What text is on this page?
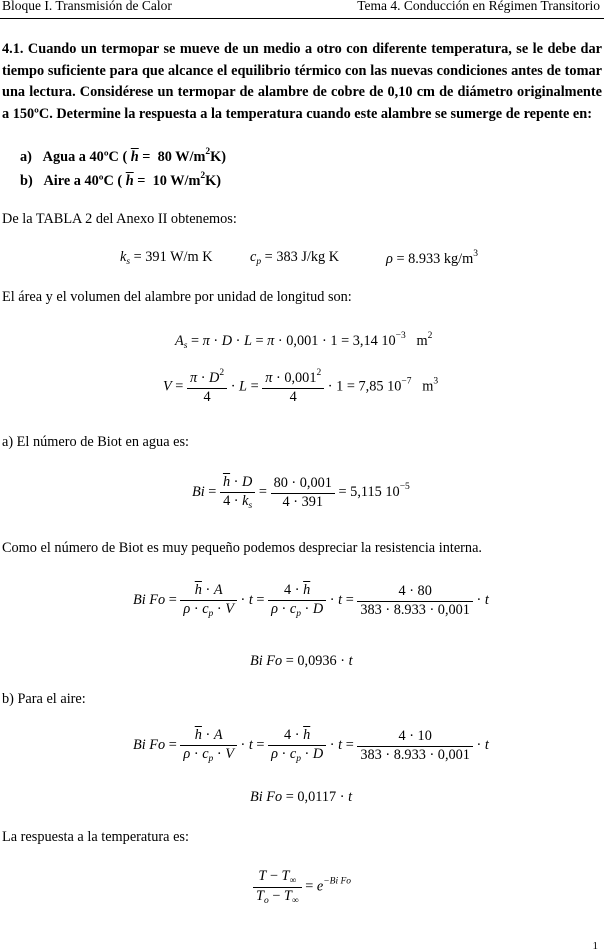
Bloque I. Transmisión de Calor	Tema 4. Conducción en Régimen Transitorio
4.1. Cuando un termopar se mueve de un medio a otro con diferente temperatura, se le debe dar tiempo suficiente para que alcance el equilibrio térmico con las nuevas condiciones antes de tomar una lectura. Considérese un termopar de alambre de cobre de 0,10 cm de diámetro originalmente a 150ºC. Determine la respuesta a la temperatura cuando este alambre se sumerge de repente en:
a) Agua a 40ºC ( $\overline{h} = 80$ $W/m^2K$)
b) Aire a 40ºC ( $\overline{h} = 10$ $W/m^2K$)
De la TABLA 2 del Anexo II obtenemos:
$k_s = 391$ W/m K	$c_p = 383$ J/kg K	ρ = 8.933 $kg/m^3$
El área y el volumen del alambre por unidad de longitud son:
$A_s = \pi \cdot D \cdot L = \pi \cdot 0,001 \cdot 1 = 3,14$ $10^{-3}$ $m^2$
$V = \frac{\pi \cdot D^2}{4} \cdot L = \frac{\pi \cdot 0,001^2}{4} \cdot 1 = 7,85$ $10^{-7}$ $m^3$
a) El número de Biot en agua es:
$Bi = \frac{\overline{h} \cdot D}{4 \cdot k_s} = \frac{80 \cdot 0,001}{4 \cdot 391} = 5,115$ $10^{-5}$
Como el número de Biot es muy pequeño podemos despreciar la resistencia interna.
Bi $Fo = \frac{\overline{h} \cdot A}{\rho \cdot c_p \cdot V} \cdot t = \frac{4 \cdot \overline{h}}{\rho \cdot c_p \cdot D} \cdot t = \frac{4 \cdot 80}{383 \cdot 8.933 \cdot 0,001} \cdot t$
Bi Fo = 0,0936 · t
b) Para el aire:
Bi $Fo = \frac{\overline{h} \cdot A}{\rho \cdot c_p \cdot V} \cdot t = \frac{4 \cdot \overline{h}}{\rho \cdot c_p \cdot D} \cdot t = \frac{4 \cdot 10}{383 \cdot 8.933 \cdot 0,001} \cdot t$
Bi Fo = 0,0117 · t
La respuesta a la temperatura es:
$\frac{T - T_\infty}{T_o - T_\infty} = e^{-Bi Fo}$
1
